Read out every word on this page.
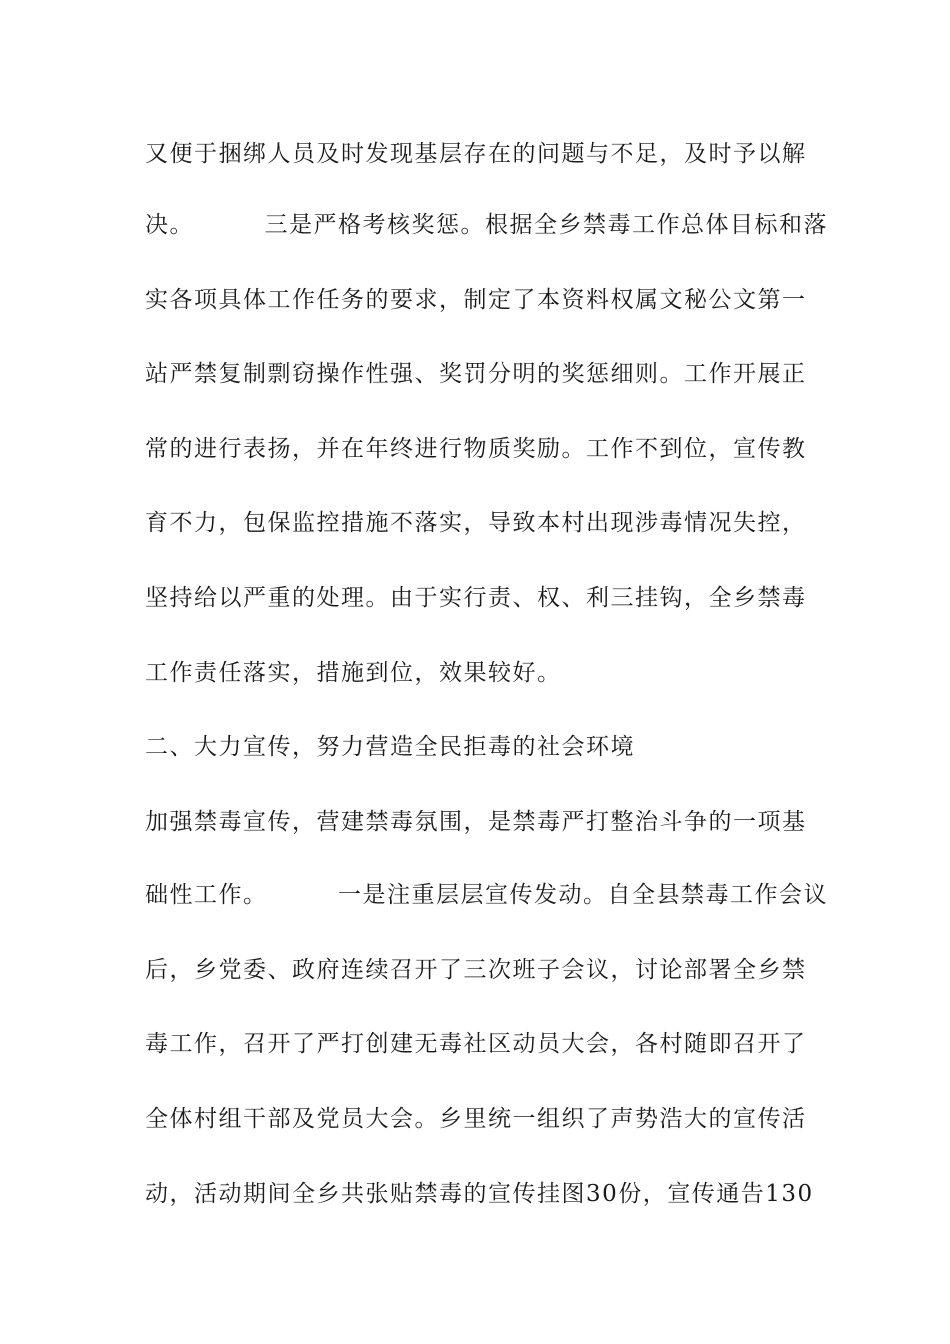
又便于捆绑人员及时发现基层存在的问题与不足，及时予以解
决。        三是严格考核奖惩。根据全乡禁毒工作总体目标和落
实各项具体工作任务的要求，制定了本资料权属文秘公文第一
站严禁复制剽窃操作性强、奖罚分明的奖惩细则。工作开展正
常的进行表扬，并在年终进行物质奖励。工作不到位，宣传教
育不力，包保监控措施不落实，导致本村出现涉毒情况失控，
坚持给以严重的处理。由于实行责、权、利三挂钩，全乡禁毒
工作责任落实，措施到位，效果较好。
二、大力宣传，努力营造全民拒毒的社会环境
加强禁毒宣传，营建禁毒氛围，是禁毒严打整治斗争的一项基
础性工作。        一是注重层层宣传发动。自全县禁毒工作会议
后，乡党委、政府连续召开了三次班子会议，讨论部署全乡禁
毒工作，召开了严打创建无毒社区动员大会，各村随即召开了
全体村组干部及党员大会。乡里统一组织了声势浩大的宣传活
动，活动期间全乡共张贴禁毒的宣传挂图30份，宣传通告130
